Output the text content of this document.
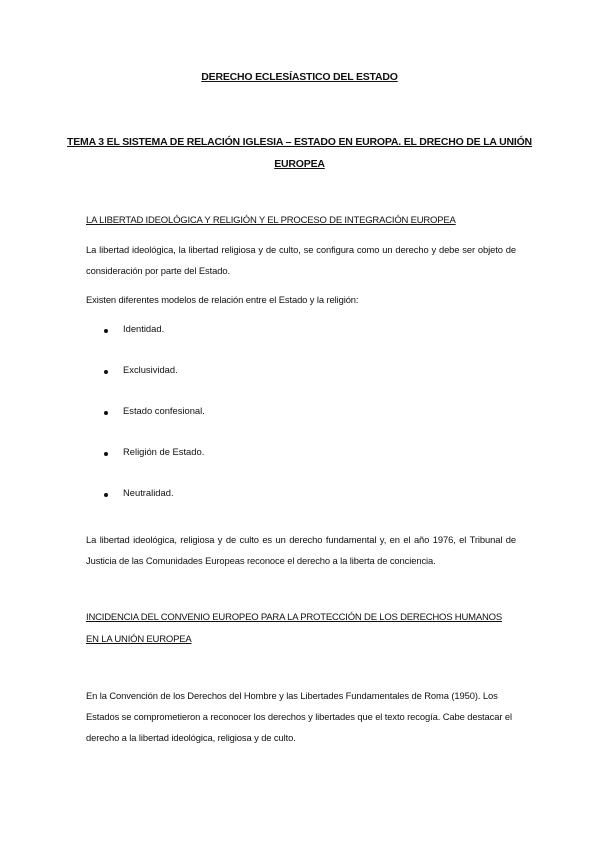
DERECHO ECLESÍASTICO DEL ESTADO
TEMA 3 EL SISTEMA DE RELACIÓN IGLESIA – ESTADO EN EUROPA. EL DRECHO DE LA UNIÓN EUROPEA
LA LIBERTAD IDEOLÓGICA Y RELIGIÓN Y EL PROCESO DE INTEGRACIÓN EUROPEA
La libertad ideológica, la libertad religiosa y de culto, se configura como un derecho y debe ser objeto de consideración por parte del Estado.
Existen diferentes modelos de relación entre el Estado y la religión:
Identidad.
Exclusividad.
Estado confesional.
Religión de Estado.
Neutralidad.
La libertad ideológica, religiosa y de culto es un derecho fundamental y, en el año 1976, el Tribunal de Justicia de las Comunidades Europeas reconoce el derecho a la liberta de conciencia.
INCIDENCIA DEL CONVENIO EUROPEO PARA LA PROTECCIÓN DE LOS DERECHOS HUMANOS EN LA UNIÓN EUROPEA
En la Convención de los Derechos del Hombre y las Libertades Fundamentales de Roma (1950). Los Estados se comprometieron a reconocer los derechos y libertades que el texto recogía. Cabe destacar el derecho a la libertad ideológica, religiosa y de culto.
